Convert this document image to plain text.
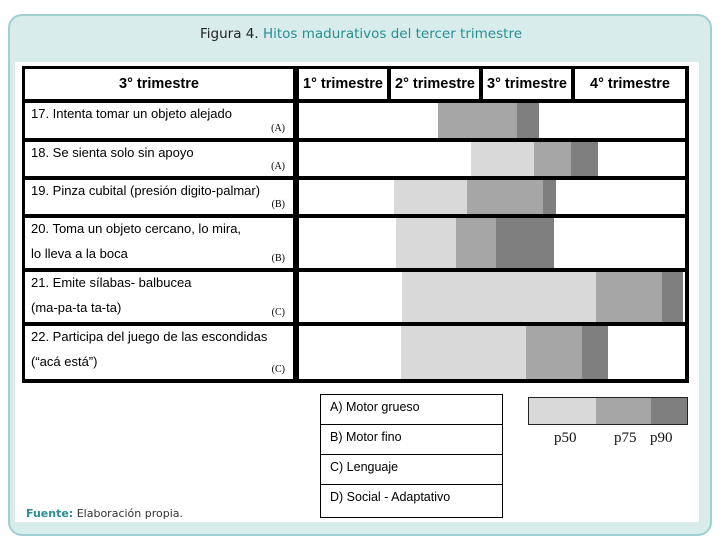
Figura 4. Hitos madurativos del tercer trimestre
3° trimestre	1° trimestre 2° trimestre 3° trimestre	4° trimestre
17. Intenta tomar un objeto alejado
(A)
18. Se sienta solo sin apoyo
(A)
19. Pinza cubital (presión digito-palmar)
(B)
20. Toma un objeto cercano, lo mira,
lo lleva a la boca	(B)
21. Emite sílabas- balbucea
(ma-pa-ta ta-ta)	(C)
22. Participa del juego de las escondidas
(“acá está”)
(C)
A) Motor grueso
B) Motor fino
C) Lenguaje
D) Social - Adaptativo
p50	p75 p90
Fuente: Elaboración propia.
